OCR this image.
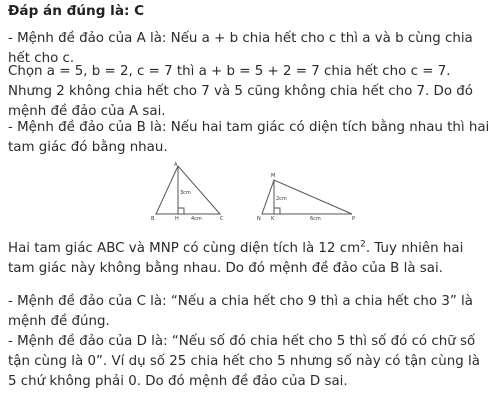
Đáp án đúng là: C

- Mệnh đề đảo của A là: Nếu a + b chia hết cho c thì a và b cùng chia hết cho c.

Chọn a = 5, b = 2, c = 7 thì a + b = 5 + 2 = 7 chia hết cho c = 7. Nhưng 2 không chia hết cho 7 và 5 cũng không chia hết cho 7. Do đó mệnh đề đảo của A sai.

- Mệnh đề đảo của B là: Nếu hai tam giác có diện tích bằng nhau thì hai tam giác đó bằng nhau.

A
B	H	C
3cm
4cm
M
N K	P
2cm
6cm

Hai tam giác ABC và MNP có cùng diện tích là 12 $cm^2$. Tuy nhiên hai tam giác này không bằng nhau. Do đó mệnh đề đảo của B là sai.

- Mệnh đề đảo của C là: “Nếu a chia hết cho 9 thì a chia hết cho 3” là mệnh đề đúng.

- Mệnh đề đảo của D là: “Nếu số đó chia hết cho 5 thì số đó có chữ số tận cùng là 0”. Ví dụ số 25 chia hết cho 5 nhưng số này có tận cùng là 5 chứ không phải 0. Do đó mệnh đề đảo của D sai.
